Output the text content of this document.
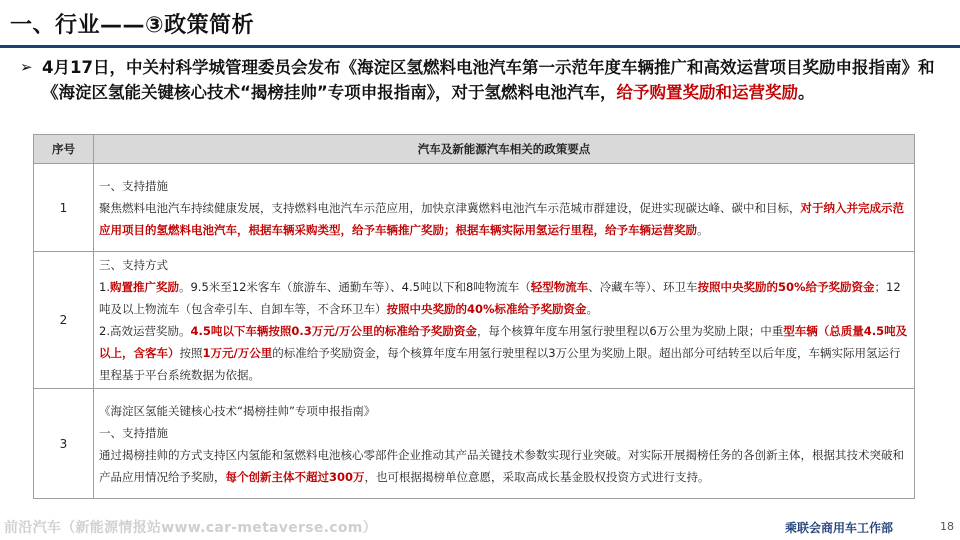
一、行业——③政策简析
➢ 4月17日，中关村科学城管理委员会发布《海淀区氢燃料电池汽车第一示范年度车辆推广和高效运营项目奖励申报指南》和《海淀区氢能关键核心技术“揭榜挂帅”专项申报指南》，对于氢燃料电池汽车，给予购置奖励和运营奖励。
序号	汽车及新能源汽车相关的政策要点
1	一、支持措施
聚焦燃料电池汽车持续健康发展，支持燃料电池汽车示范应用，加快京津冀燃料电池汽车示范城市群建设，促进实现碳达峰、碳中和目标，对于纳入并完成示范应用项目的氢燃料电池汽车，根据车辆采购类型，给予车辆推广奖励；根据车辆实际用氢运行里程，给予车辆运营奖励。
2	三、支持方式
1.购置推广奖励。9.5米至12米客车（旅游车、通勤车等）、4.5吨以下和8吨物流车（轻型物流车、冷藏车等）、环卫车按照中央奖励的50%给予奖励资金；12吨及以上物流车（包含牵引车、自卸车等，不含环卫车）按照中央奖励的40%标准给予奖励资金。
2.高效运营奖励。4.5吨以下车辆按照0.3万元/万公里的标准给予奖励资金，每个核算年度车用氢行驶里程以6万公里为奖励上限；中重型车辆（总质量4.5吨及以上，含客车）按照1万元/万公里的标准给予奖励资金，每个核算年度车用氢行驶里程以3万公里为奖励上限。超出部分可结转至以后年度，车辆实际用氢运行里程基于平台系统数据为依据。

3	《海淀区氢能关键核心技术“揭榜挂帅”专项申报指南》
一、支持措施
通过揭榜挂帅的方式支持区内氢能和氢燃料电池核心零部件企业推动其产品关键技术参数实现行业突破。对实际开展揭榜任务的各创新主体，根据其技术突破和产品应用情况给予奖励，每个创新主体不超过300万，也可根据揭榜单位意愿，采取高成长基金股权投资方式进行支持。
前沿汽车（新能源情报站www.car-metaverse.com）	乘联会商用车工作部	18
